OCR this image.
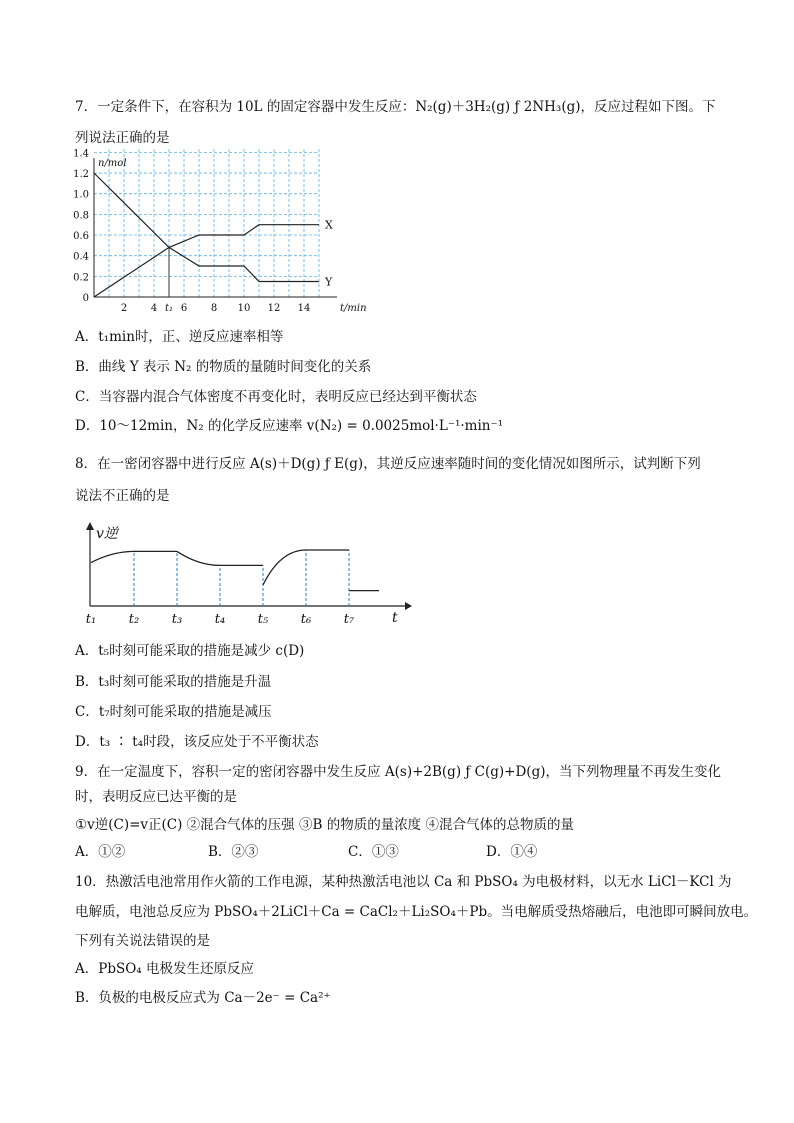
7．一定条件下，在容积为 10L 的固定容器中发生反应：N₂(g)＋3H₂(g) ƒ 2NH₃(g)，反应过程如下图。下
列说法正确的是
0
0.2
0.4
0.6
0.8
1.0
1.2
1.4
2 4 t₁ 6 8 10 12 14
n/mol
t/min
X
Y
A．t₁min时，正、逆反应速率相等
B．曲线 Y 表示 N₂ 的物质的量随时间变化的关系
C．当容器内混合气体密度不再变化时，表明反应已经达到平衡状态
D．10～12min，N₂ 的化学反应速率 v(N₂) = 0.0025mol·L⁻¹·min⁻¹
8．在一密闭容器中进行反应 A(s)＋D(g) ƒ E(g)，其逆反应速率随时间的变化情况如图所示，试判断下列
说法不正确的是
v逆
t
t₁	t₂	t₃	t₄	t₅	t₆	t₇
A．t₅时刻可能采取的措施是减少 c(D)
B．t₃时刻可能采取的措施是升温
C．t₇时刻可能采取的措施是减压
D．t₃ ∶ t₄时段，该反应处于不平衡状态
9．在一定温度下，容积一定的密闭容器中发生反应 A(s)+2B(g) ƒ C(g)+D(g)，当下列物理量不再发生变化
时，表明反应已达平衡的是
①v逆(C)=v正(C) ②混合气体的压强 ③B 的物质的量浓度 ④混合气体的总物质的量
A．①②	B．②③	C．①③	D．①④
10．热激活电池常用作火箭的工作电源，某种热激活电池以 Ca 和 PbSO₄ 为电极材料，以无水 LiCl－KCl 为
电解质，电池总反应为 PbSO₄＋2LiCl＋Ca = CaCl₂＋Li₂SO₄＋Pb。当电解质受热熔融后，电池即可瞬间放电。
下列有关说法错误的是
A．PbSO₄ 电极发生还原反应
B．负极的电极反应式为 Ca－2e⁻ = Ca²⁺
